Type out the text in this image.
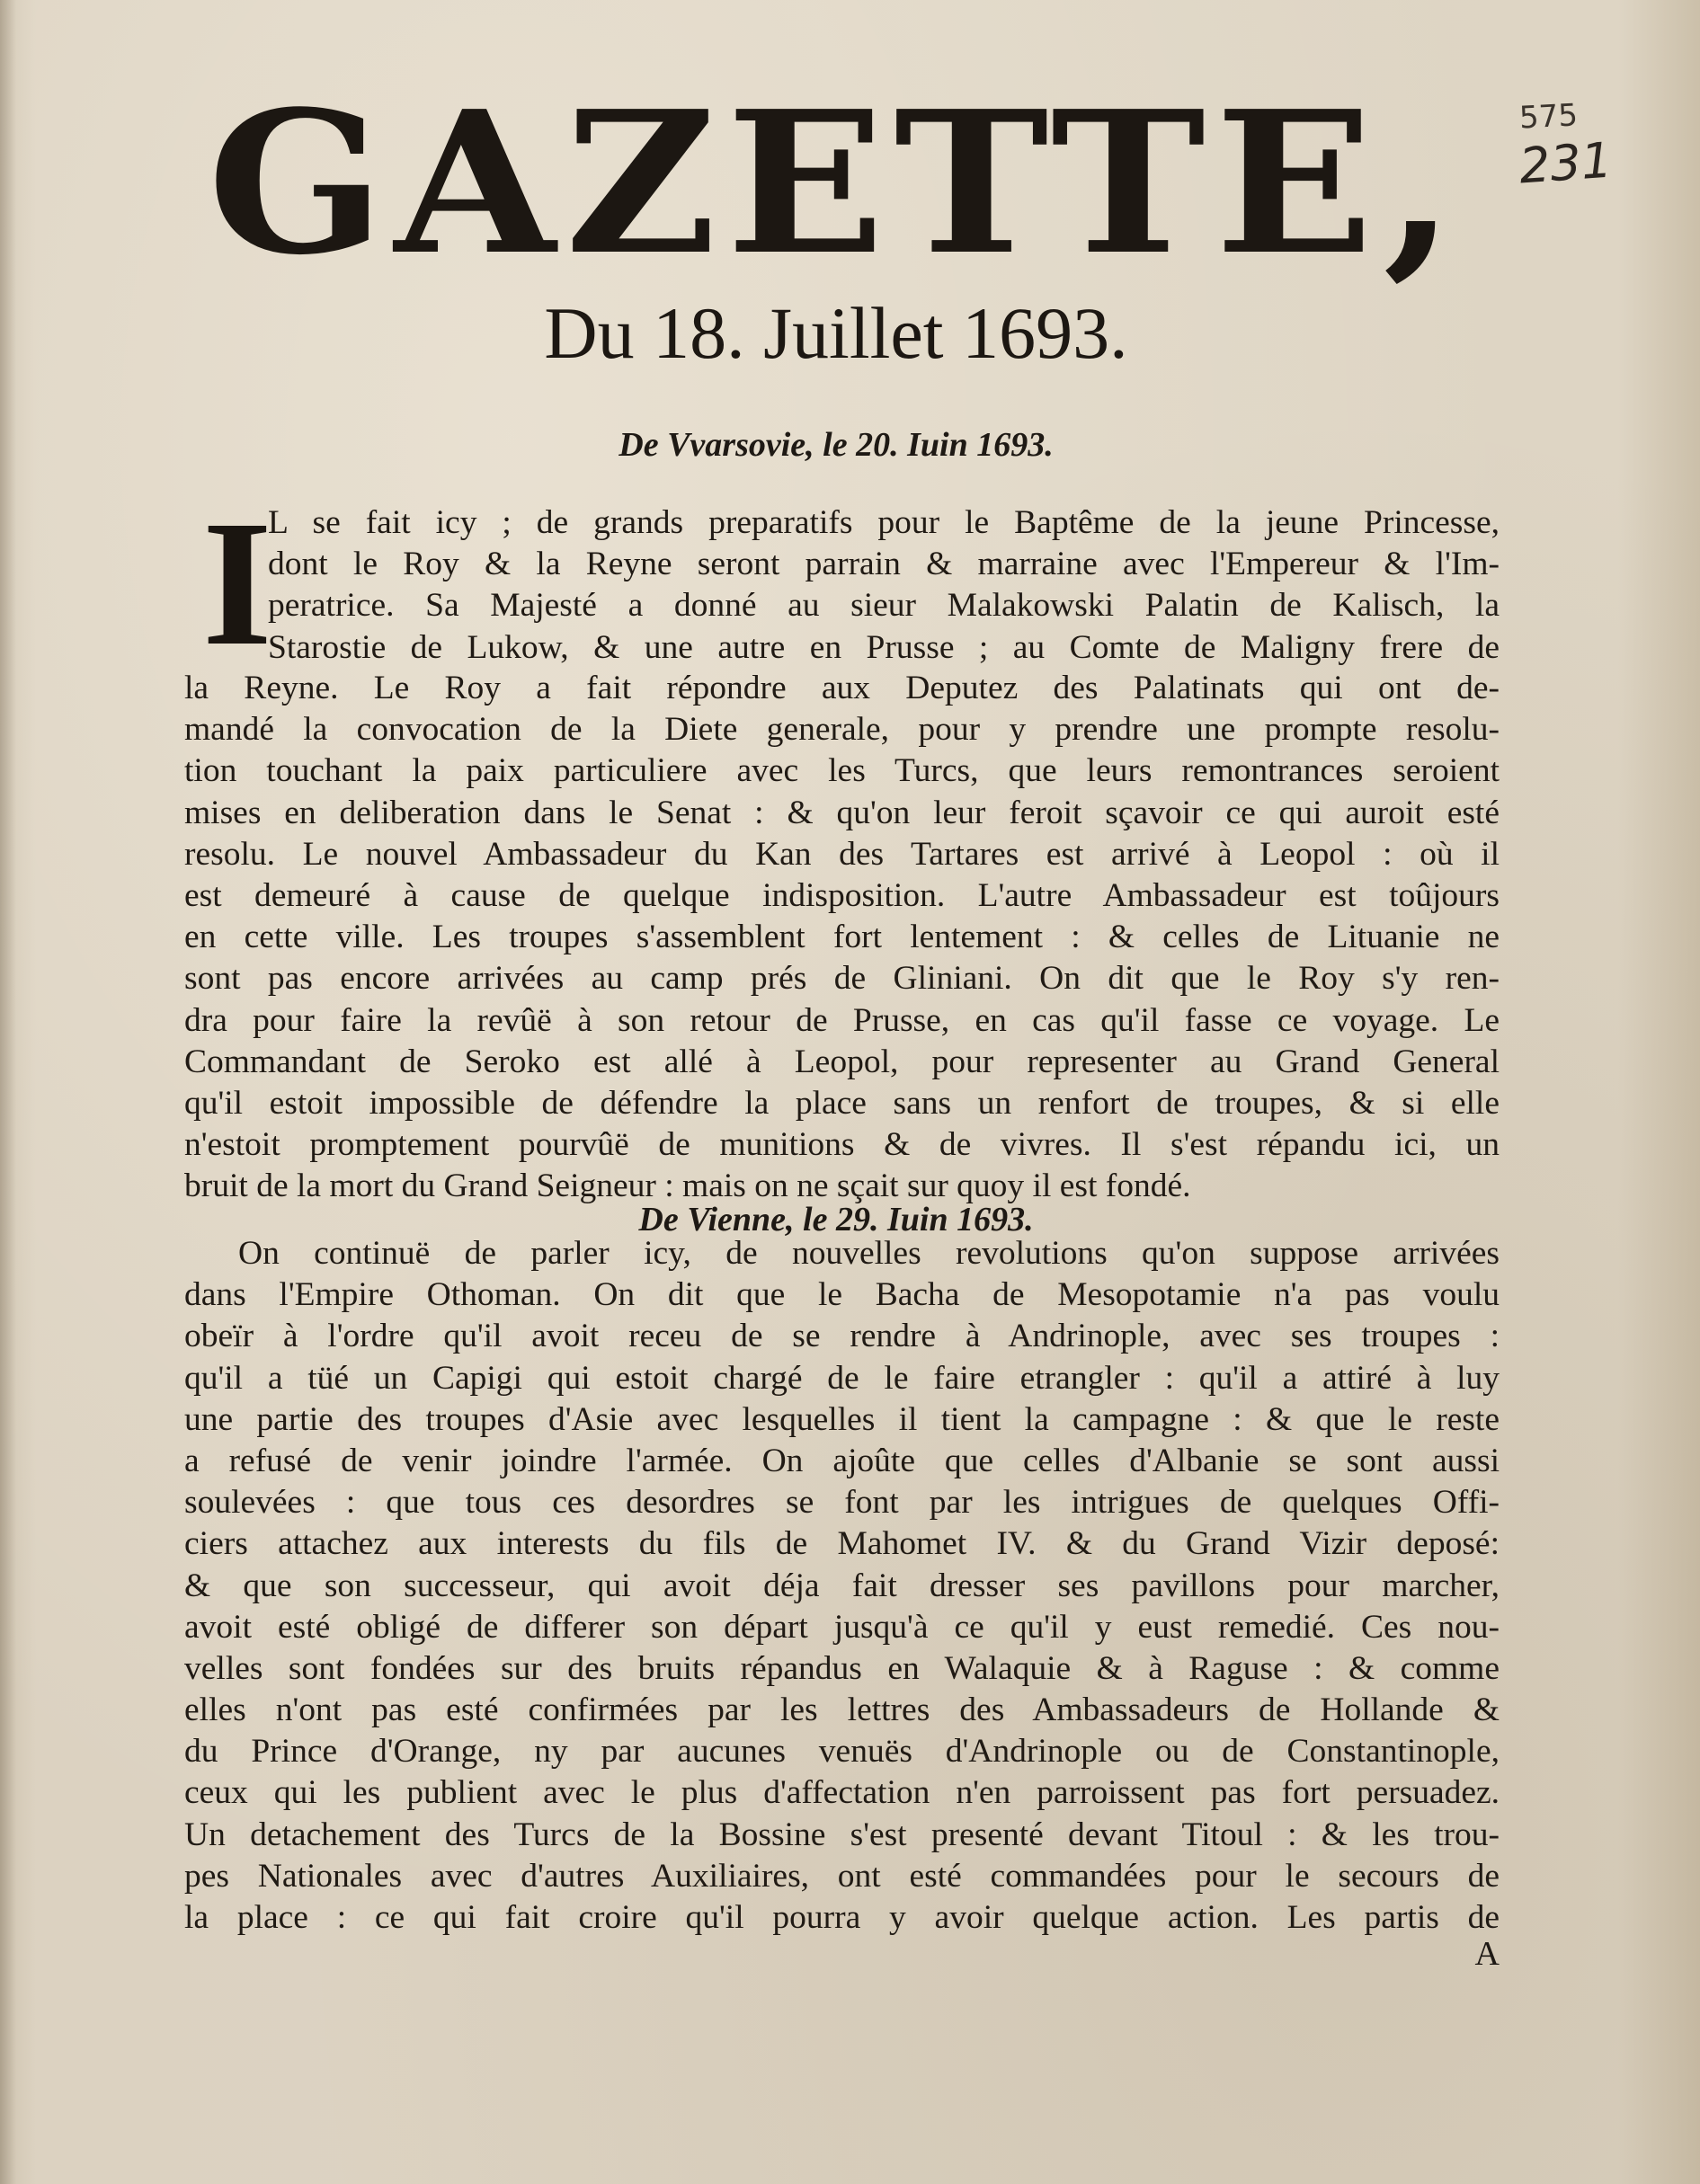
575
231
GAZETTE,
Du 18. Juillet 1693.
De Vvarsovie, le 20. Iuin 1693.
I
L se fait icy ; de grands preparatifs pour le Baptême de la jeune Princesse,
dont le Roy & la Reyne seront parrain & marraine avec l'Empereur & l'Im-
peratrice. Sa Majesté a donné au sieur Malakowski Palatin de Kalisch, la
Starostie de Lukow, & une autre en Prusse ; au Comte de Maligny frere de
la Reyne. Le Roy a fait répondre aux Deputez des Palatinats qui ont de-
mandé la convocation de la Diete generale, pour y prendre une prompte resolu-
tion touchant la paix particuliere avec les Turcs, que leurs remontrances seroient
mises en deliberation dans le Senat : & qu'on leur feroit sçavoir ce qui auroit esté
resolu. Le nouvel Ambassadeur du Kan des Tartares est arrivé à Leopol : où il
est demeuré à cause de quelque indisposition. L'autre Ambassadeur est toûjours
en cette ville. Les troupes s'assemblent fort lentement : & celles de Lituanie ne
sont pas encore arrivées au camp prés de Gliniani. On dit que le Roy s'y ren-
dra pour faire la revûë à son retour de Prusse, en cas qu'il fasse ce voyage. Le
Commandant de Seroko est allé à Leopol, pour representer au Grand General
qu'il estoit impossible de défendre la place sans un renfort de troupes, & si elle
n'estoit promptement pourvûë de munitions & de vivres. Il s'est répandu ici, un
bruit de la mort du Grand Seigneur : mais on ne sçait sur quoy il est fondé.
De Vienne, le 29. Iuin 1693.
On continuë de parler icy, de nouvelles revolutions qu'on suppose arrivées
dans l'Empire Othoman. On dit que le Bacha de Mesopotamie n'a pas voulu
obeïr à l'ordre qu'il avoit receu de se rendre à Andrinople, avec ses troupes :
qu'il a tüé un Capigi qui estoit chargé de le faire etrangler : qu'il a attiré à luy
une partie des troupes d'Asie avec lesquelles il tient la campagne : & que le reste
a refusé de venir joindre l'armée. On ajoûte que celles d'Albanie se sont aussi
soulevées : que tous ces desordres se font par les intrigues de quelques Offi-
ciers attachez aux interests du fils de Mahomet IV. & du Grand Vizir deposé:
& que son successeur, qui avoit déja fait dresser ses pavillons pour marcher,
avoit esté obligé de differer son départ jusqu'à ce qu'il y eust remedié. Ces nou-
velles sont fondées sur des bruits répandus en Walaquie & à Raguse : & comme
elles n'ont pas esté confirmées par les lettres des Ambassadeurs de Hollande &
du Prince d'Orange, ny par aucunes venuës d'Andrinople ou de Constantinople,
ceux qui les publient avec le plus d'affectation n'en parroissent pas fort persuadez.
Un detachement des Turcs de la Bossine s'est presenté devant Titoul : & les trou-
pes Nationales avec d'autres Auxiliaires, ont esté commandées pour le secours de
la place : ce qui fait croire qu'il pourra y avoir quelque action. Les partis de
A
